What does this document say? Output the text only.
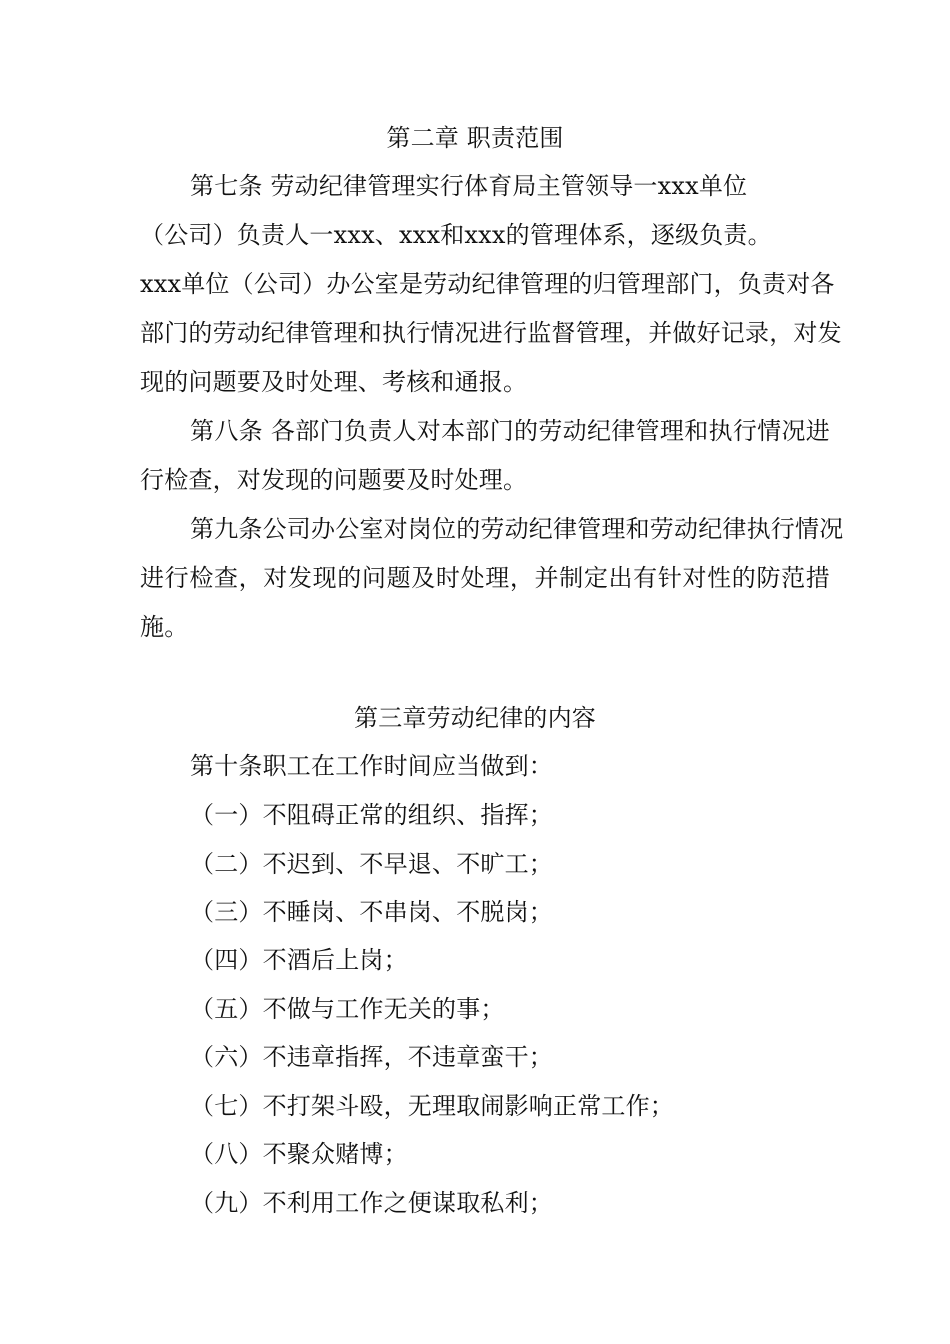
第二章 职责范围
第七条 劳动纪律管理实行体育局主管领导一xxx单位
（公司）负责人一xxx、xxx和xxx的管理体系，逐级负责。
xxx单位（公司）办公室是劳动纪律管理的归管理部门，负责对各
部门的劳动纪律管理和执行情况进行监督管理，并做好记录，对发
现的问题要及时处理、考核和通报。
第八条 各部门负责人对本部门的劳动纪律管理和执行情况进
行检查，对发现的问题要及时处理。
第九条公司办公室对岗位的劳动纪律管理和劳动纪律执行情况
进行检查，对发现的问题及时处理，并制定出有针对性的防范措
施。
第三章劳动纪律的内容
第十条职工在工作时间应当做到：
（一）不阻碍正常的组织、指挥；
（二）不迟到、不早退、不旷工；
（三）不睡岗、不串岗、不脱岗；
（四）不酒后上岗；
（五）不做与工作无关的事；
（六）不违章指挥，不违章蛮干；
（七）不打架斗殴，无理取闹影响正常工作；
（八）不聚众赌博；
（九）不利用工作之便谋取私利；
